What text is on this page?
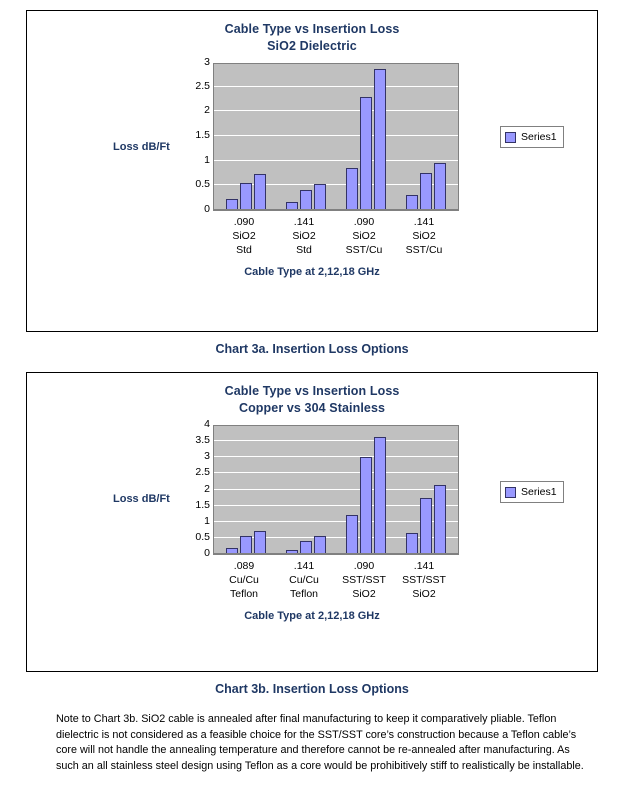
Cable Type vs Insertion Loss
SiO2 Dielectric
Loss dB/Ft
0
0.5
1
1.5
2
2.5
3
.090
SiO2
Std
.141
SiO2
Std
.090
SiO2
SST/Cu
.141
SiO2
SST/Cu
Cable Type at 2,12,18 GHz
Series1
Chart 3a. Insertion Loss Options
Cable Type vs Insertion Loss
Copper vs 304 Stainless
Loss dB/Ft
0
0.5
1
1.5
2
2.5
3
3.5
4
.089
Cu/Cu
Teflon
.141
Cu/Cu
Teflon
.090
SST/SST
SiO2
.141
SST/SST
SiO2
Cable Type at 2,12,18 GHz
Series1
Chart 3b. Insertion Loss Options
Note to Chart 3b. SiO2 cable is annealed after final manufacturing to keep it comparatively pliable. Teflon dielectric is not considered as a feasible choice for the SST/SST core’s construction because a Teflon cable’s core will not handle the annealing temperature and therefore cannot be re-annealed after manufacturing. As such an all stainless steel design using Teflon as a core would be prohibitively stiff to realistically be installable.
